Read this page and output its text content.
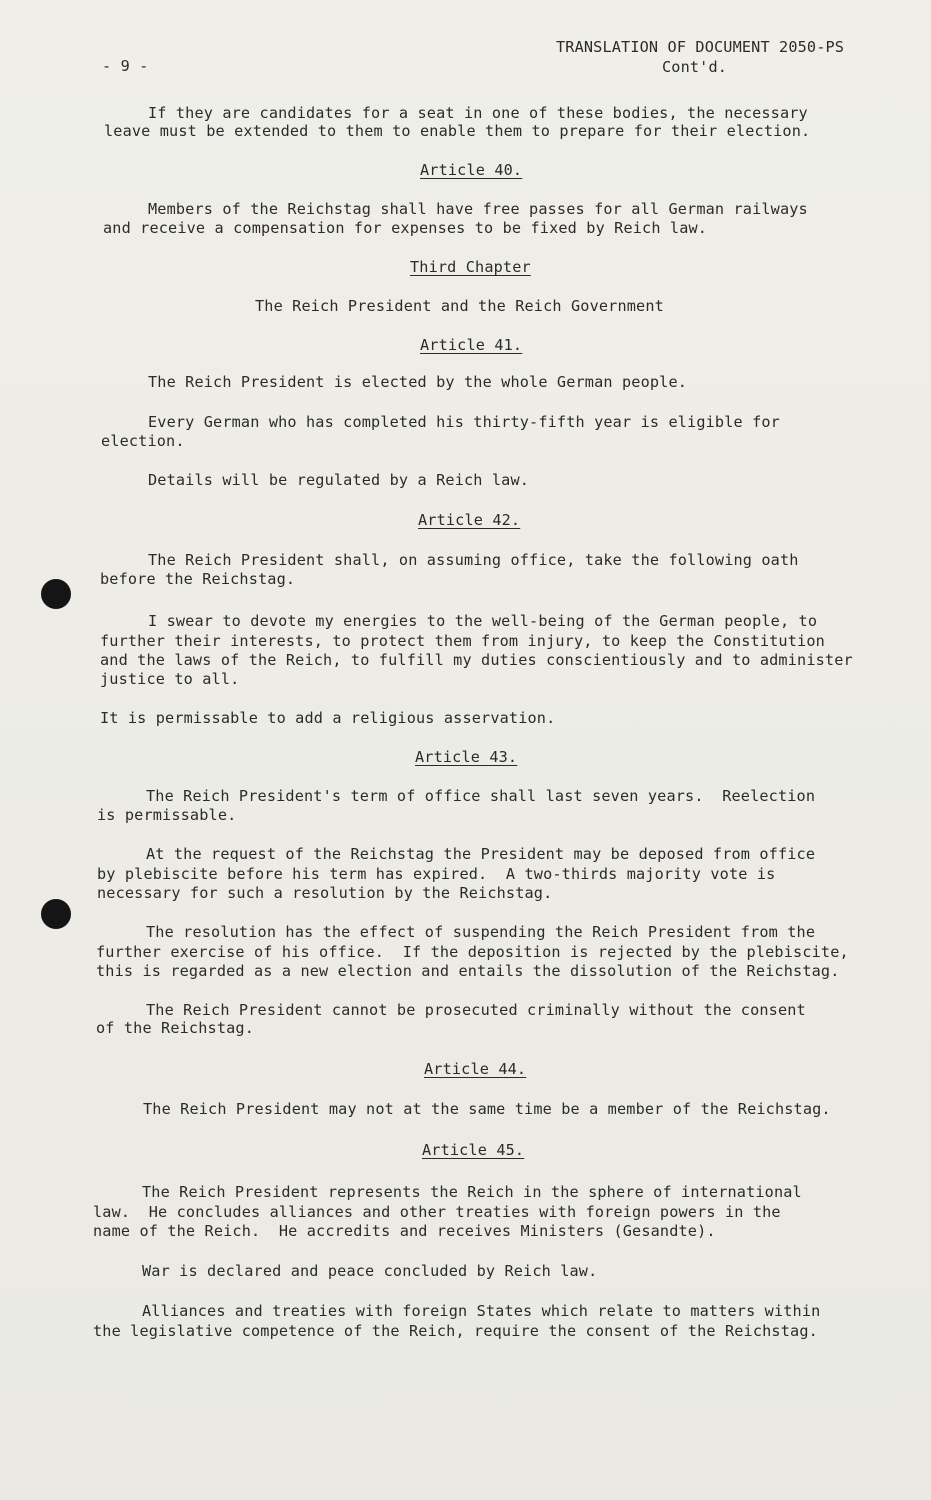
- 9 -
TRANSLATION OF DOCUMENT 2050-PS
Cont'd.
If they are candidates for a seat in one of these bodies, the necessary
leave must be extended to them to enable them to prepare for their election.
Article 40.
Members of the Reichstag shall have free passes for all German railways
and receive a compensation for expenses to be fixed by Reich law.
Third Chapter
The Reich President and the Reich Government
Article 41.
The Reich President is elected by the whole German people.
Every German who has completed his thirty-fifth year is eligible for
election.
Details will be regulated by a Reich law.
Article 42.
The Reich President shall, on assuming office, take the following oath
before the Reichstag.
I swear to devote my energies to the well-being of the German people, to
further their interests, to protect them from injury, to keep the Constitution
and the laws of the Reich, to fulfill my duties conscientiously and to administer
justice to all.
It is permissable to add a religious asservation.
Article 43.
The Reich President's term of office shall last seven years.  Reelection
is permissable.
At the request of the Reichstag the President may be deposed from office
by plebiscite before his term has expired.  A two-thirds majority vote is
necessary for such a resolution by the Reichstag.
The resolution has the effect of suspending the Reich President from the
further exercise of his office.  If the deposition is rejected by the plebiscite,
this is regarded as a new election and entails the dissolution of the Reichstag.
The Reich President cannot be prosecuted criminally without the consent
of the Reichstag.
Article 44.
The Reich President may not at the same time be a member of the Reichstag.
Article 45.
The Reich President represents the Reich in the sphere of international
law.  He concludes alliances and other treaties with foreign powers in the
name of the Reich.  He accredits and receives Ministers (Gesandte).
War is declared and peace concluded by Reich law.
Alliances and treaties with foreign States which relate to matters within
the legislative competence of the Reich, require the consent of the Reichstag.
